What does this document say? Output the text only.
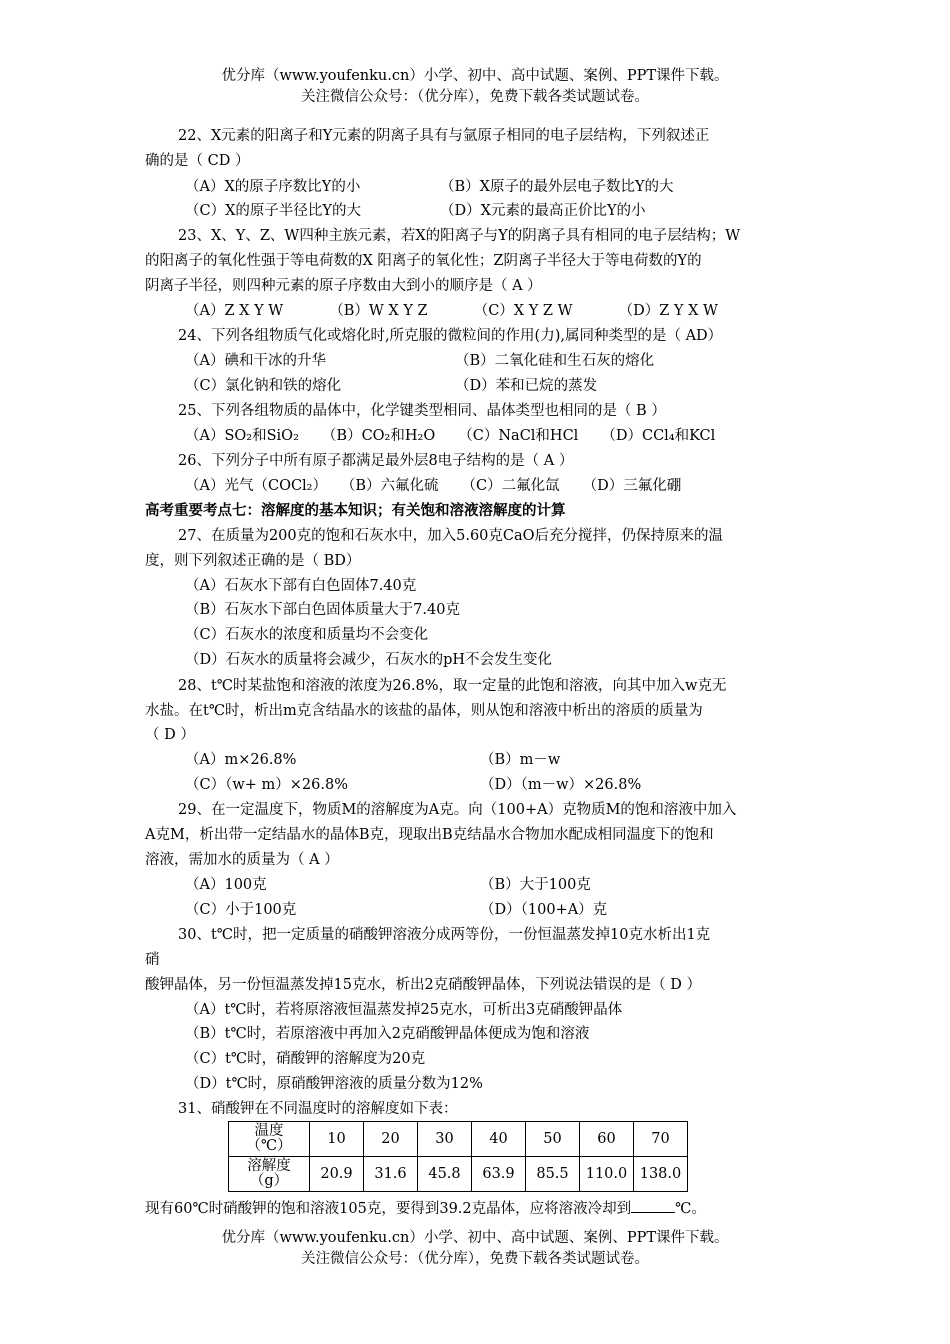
优分库（www.youfenku.cn）小学、初中、高中试题、案例、PPT课件下载。
关注微信公众号：（优分库），免费下载各类试题试卷。
22、X元素的阳离子和Y元素的阴离子具有与氩原子相同的电子层结构，下列叙述正
确的是（ CD ）
（A）X的原子序数比Y的小	（B）X原子的最外层电子数比Y的大
（C）X的原子半径比Y的大	（D）X元素的最高正价比Y的小
23、X、Y、Z、W四种主族元素，若X的阳离子与Y的阴离子具有相同的电子层结构；W
的阳离子的氧化性强于等电荷数的X 阳离子的氧化性；Z阴离子半径大于等电荷数的Y的
阴离子半径，则四种元素的原子序数由大到小的顺序是（ A ）
（A）Z X Y W          （B）W X Y Z          （C）X Y Z W          （D）Z Y X W
24、下列各组物质气化或熔化时,所克服的微粒间的作用(力),属同种类型的是（ AD）
（A）碘和干冰的升华	（B）二氧化硅和生石灰的熔化
（C）氯化钠和铁的熔化	（D）苯和已烷的蒸发
25、下列各组物质的晶体中，化学键类型相同、晶体类型也相同的是（ B ）
（A）SO₂和SiO₂     （B）CO₂和H₂O     （C）NaCl和HCl     （D）CCl₄和KCl
26、下列分子中所有原子都满足最外层8电子结构的是（ A ）
（A）光气（COCl₂）   （B）六氟化硫     （C）二氟化氙     （D）三氟化硼
高考重要考点七：溶解度的基本知识；有关饱和溶液溶解度的计算
27、在质量为200克的饱和石灰水中，加入5.60克CaO后充分搅拌，仍保持原来的温
度，则下列叙述正确的是（ BD）
（A）石灰水下部有白色固体7.40克
（B）石灰水下部白色固体质量大于7.40克
（C）石灰水的浓度和质量均不会变化
（D）石灰水的质量将会减少，石灰水的pH不会发生变化
28、t℃时某盐饱和溶液的浓度为26.8%，取一定量的此饱和溶液，向其中加入w克无
水盐。在t℃时，析出m克含结晶水的该盐的晶体，则从饱和溶液中析出的溶质的质量为
（ D ）
（A）m×26.8%	（B）m－w
（C）（w+ m）×26.8%	（D）（m－w）×26.8%
29、在一定温度下，物质M的溶解度为A克。向（100+A）克物质M的饱和溶液中加入
A克M，析出带一定结晶水的晶体B克，现取出B克结晶水合物加水配成相同温度下的饱和
溶液，需加水的质量为（ A ）
（A）100克	（B）大于100克
（C）小于100克	（D）（100+A）克
30、t℃时，把一定质量的硝酸钾溶液分成两等份，一份恒温蒸发掉10克水析出1克
硝
酸钾晶体，另一份恒温蒸发掉15克水，析出2克硝酸钾晶体，下列说法错误的是（ D ）
（A）t℃时，若将原溶液恒温蒸发掉25克水，可析出3克硝酸钾晶体
（B）t℃时，若原溶液中再加入2克硝酸钾晶体便成为饱和溶液
（C）t℃时，硝酸钾的溶解度为20克
（D）t℃时，原硝酸钾溶液的质量分数为12%
31、硝酸钾在不同温度时的溶解度如下表：
温度
（℃）	10	20	30	40	50	60	70

溶解度
（g）	20.9	31.6	45.8	63.9	85.5	110.0	138.0
现有60℃时硝酸钾的饱和溶液105克，要得到39.2克晶体，应将溶液冷却到	℃。
优分库（www.youfenku.cn）小学、初中、高中试题、案例、PPT课件下载。
关注微信公众号：（优分库），免费下载各类试题试卷。
